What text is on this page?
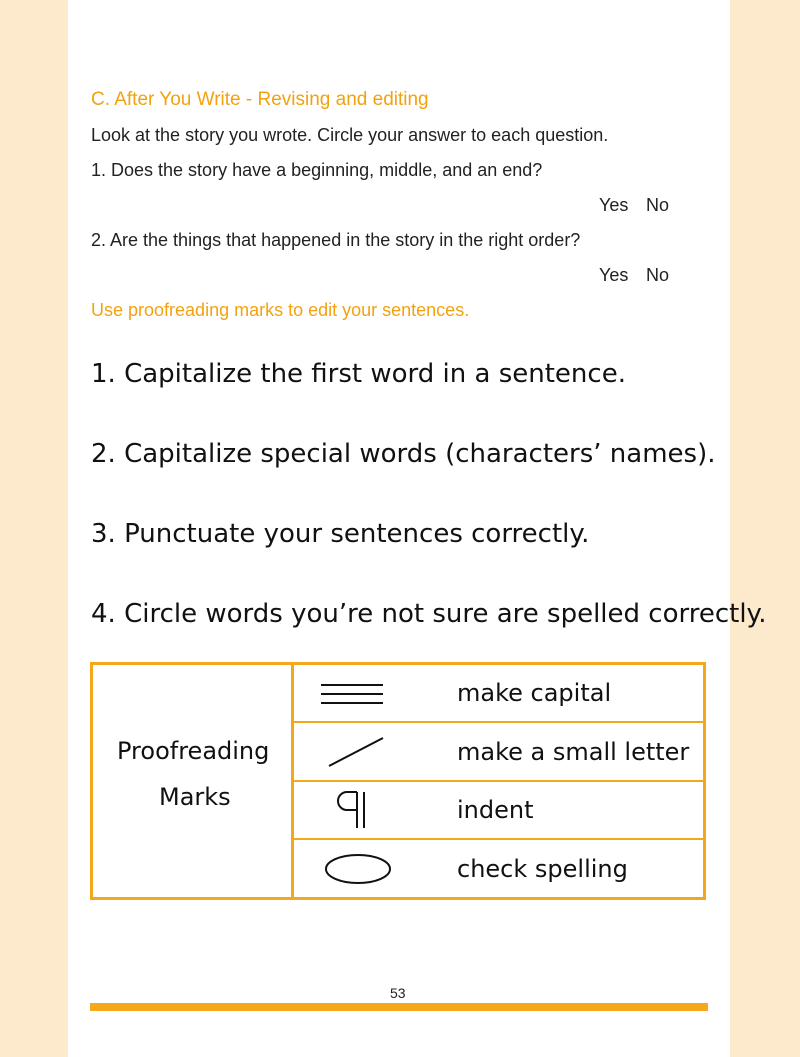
C. After You Write - Revising and editing
Look at the story you wrote. Circle your answer to each question.
1. Does the story have a beginning, middle, and an end?
Yes No
2. Are the things that happened in the story in the right order?
Yes No
Use proofreading marks to edit your sentences.
1. Capitalize the first word in a sentence.
2. Capitalize special words (characters’ names).
3. Punctuate your sentences correctly.
4. Circle words you’re not sure are spelled correctly.
Proofreading
Marks
make capital
make a small letter
indent
check spelling
53
